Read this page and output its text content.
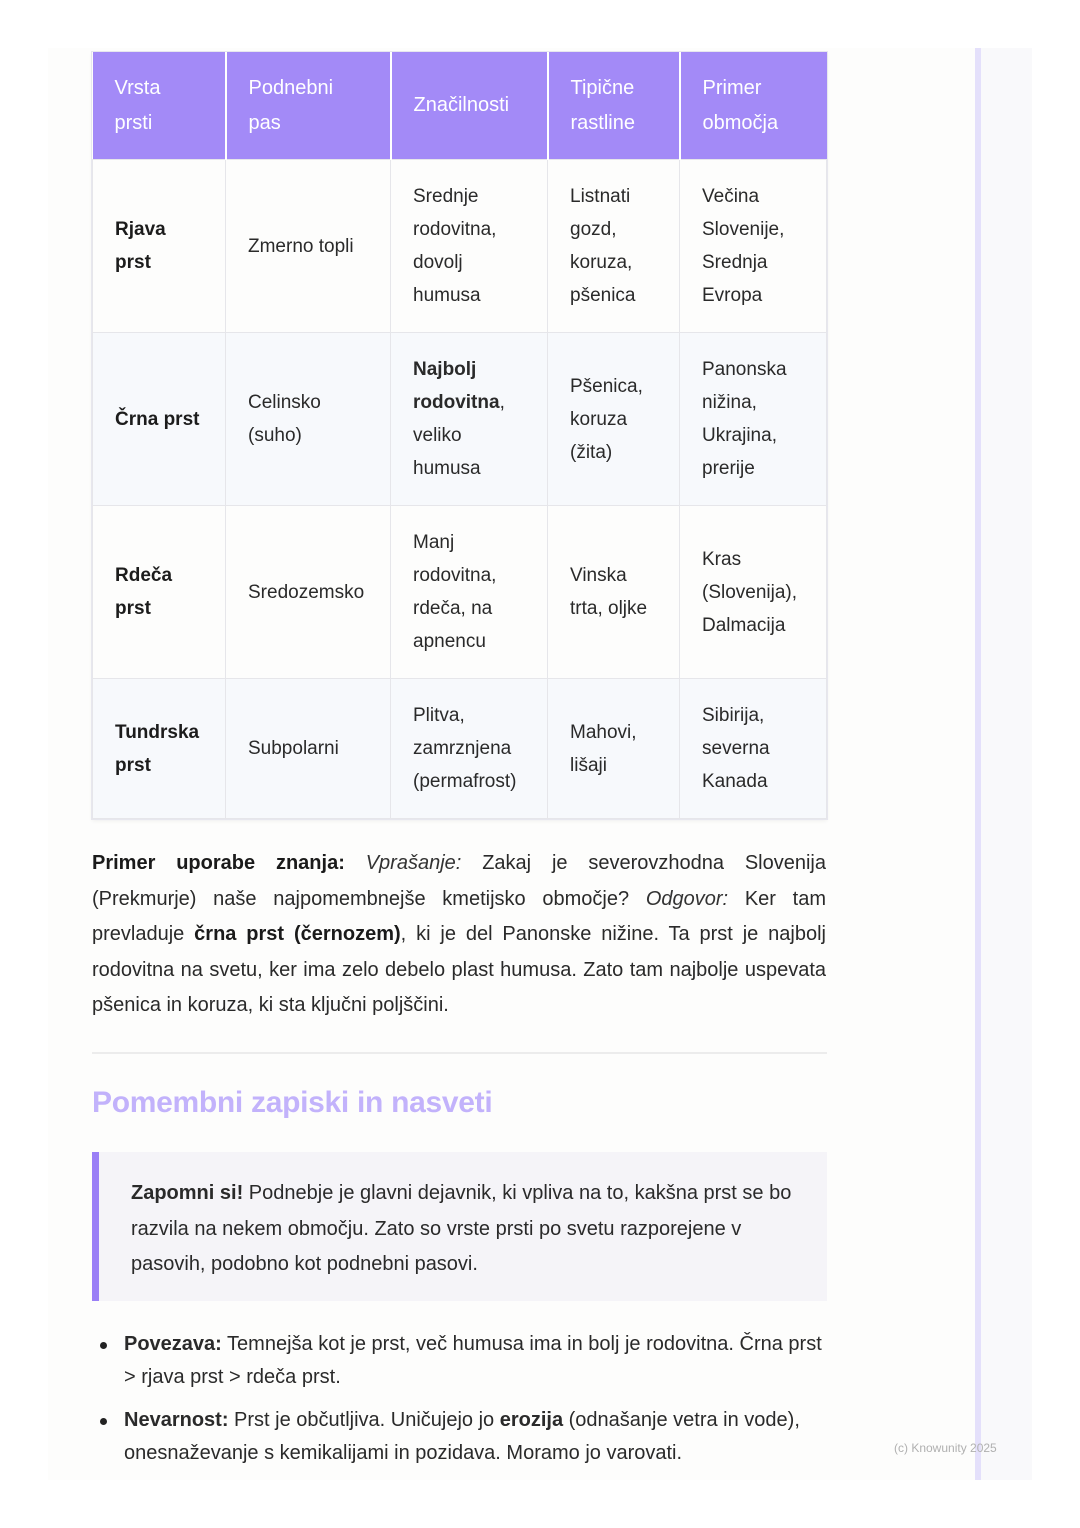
Vrsta prsti	Podnebni pas	Značilnosti	Tipične rastline	Primer območja
Rjava prst	Zmerno topli	Srednje rodovitna, dovolj humusa	Listnati gozd, koruza, pšenica	Večina Slovenije, Srednja Evropa
Črna prst	Celinsko (suho)	Najbolj rodovitna, veliko humusa	Pšenica, koruza (žita)	Panonska nižina, Ukrajina, prerije
Rdeča prst	Sredozemsko	Manj rodovitna, rdeča, na apnencu	Vinska trta, oljke	Kras (Slovenija), Dalmacija
Tundrska prst	Subpolarni	Plitva, zamrznjena (permafrost)	Mahovi, lišaji	Sibirija, severna Kanada

Primer uporabe znanja: Vprašanje: Zakaj je severovzhodna Slovenija (Prekmurje) naše najpomembnejše kmetijsko območje? Odgovor: Ker tam prevladuje črna prst (černozem), ki je del Panonske nižine. Ta prst je najbolj rodovitna na svetu, ker ima zelo debelo plast humusa. Zato tam najbolje uspevata pšenica in koruza, ki sta ključni poljščini.

Pomembni zapiski in nasveti
Zapomni si! Podnebje je glavni dejavnik, ki vpliva na to, kakšna prst se bo razvila na nekem območju. Zato so vrste prsti po svetu razporejene v pasovih, podobno kot podnebni pasovi.
Povezava: Temnejša kot je prst, več humusa ima in bolj je rodovitna. Črna prst > rjava prst > rdeča prst.
Nevarnost: Prst je občutljiva. Uničujejo jo erozija (odnašanje vetra in vode), onesnaževanje s kemikalijami in pozidava. Moramo jo varovati.	(c) Knowunity 2025
